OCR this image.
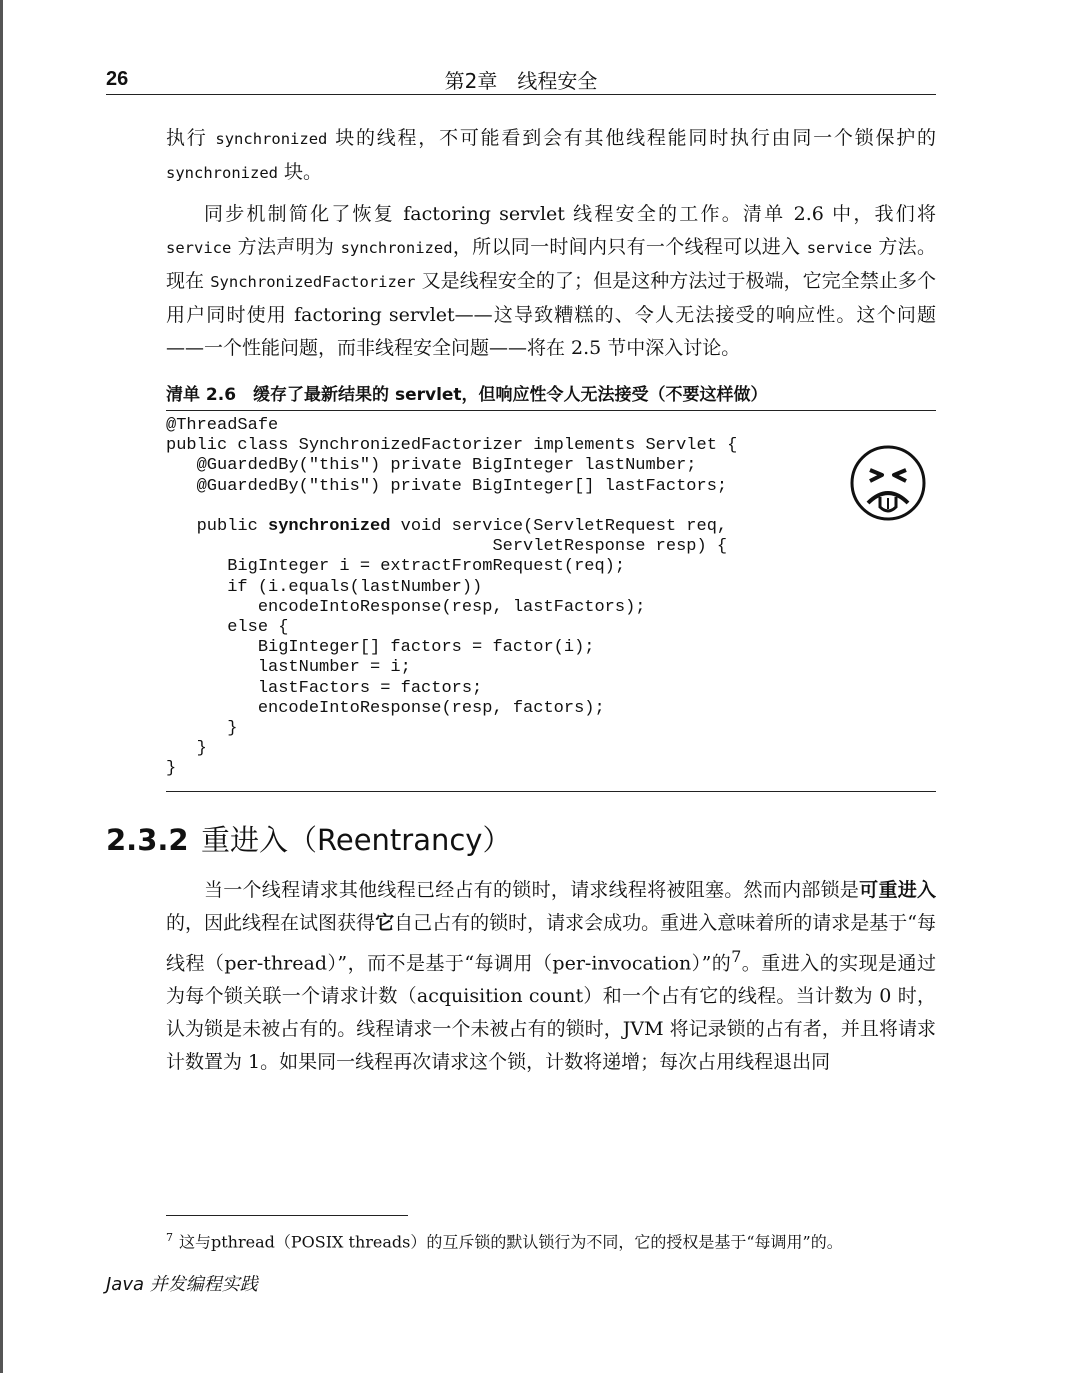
26	第2章　线程安全

执行 synchronized 块的线程，不可能看到会有其他线程能同时执行由同一个锁保护的 synchronized 块。

同步机制简化了恢复 factoring servlet 线程安全的工作。清单 2.6 中，我们将 service 方法声明为 synchronized，所以同一时间内只有一个线程可以进入 service 方法。现在 SynchronizedFactorizer 又是线程安全的了；但是这种方法过于极端，它完全禁止多个用户同时使用 factoring servlet——这导致糟糕的、令人无法接受的响应性。这个问题——一个性能问题，而非线程安全问题——将在 2.5 节中深入讨论。

清单 2.6　缓存了最新结果的 servlet，但响应性令人无法接受（不要这样做）
@ThreadSafe
public class SynchronizedFactorizer implements Servlet {
@GuardedBy("this") private BigInteger lastNumber;
@GuardedBy("this") private BigInteger[] lastFactors;

public synchronized void service(ServletRequest req,
ServletResponse resp) {
BigInteger i = extractFromRequest(req);
if (i.equals(lastNumber))
encodeIntoResponse(resp, lastFactors);
else {
BigInteger[] factors = factor(i);
lastNumber = i;
lastFactors = factors;
encodeIntoResponse(resp, factors);
}
}
}
2.3.2 重进入（Reentrancy）

当一个线程请求其他线程已经占有的锁时，请求线程将被阻塞。然而内部锁是可重进入的，因此线程在试图获得它自己占有的锁时，请求会成功。重进入意味着所的请求是基于“每线程（per-thread）”，而不是基于“每调用（per-invocation）”的$^7$。重进入的实现是通过为每个锁关联一个请求计数（acquisition count）和一个占有它的线程。当计数为 0 时，认为锁是未被占有的。线程请求一个未被占有的锁时，JVM 将记录锁的占有者，并且将请求计数置为 1。如果同一线程再次请求这个锁，计数将递增；每次占用线程退出同

$^7$ 这与pthread（POSIX threads）的互斥锁的默认锁行为不同，它的授权是基于“每调用”的。
Java 并发编程实践
